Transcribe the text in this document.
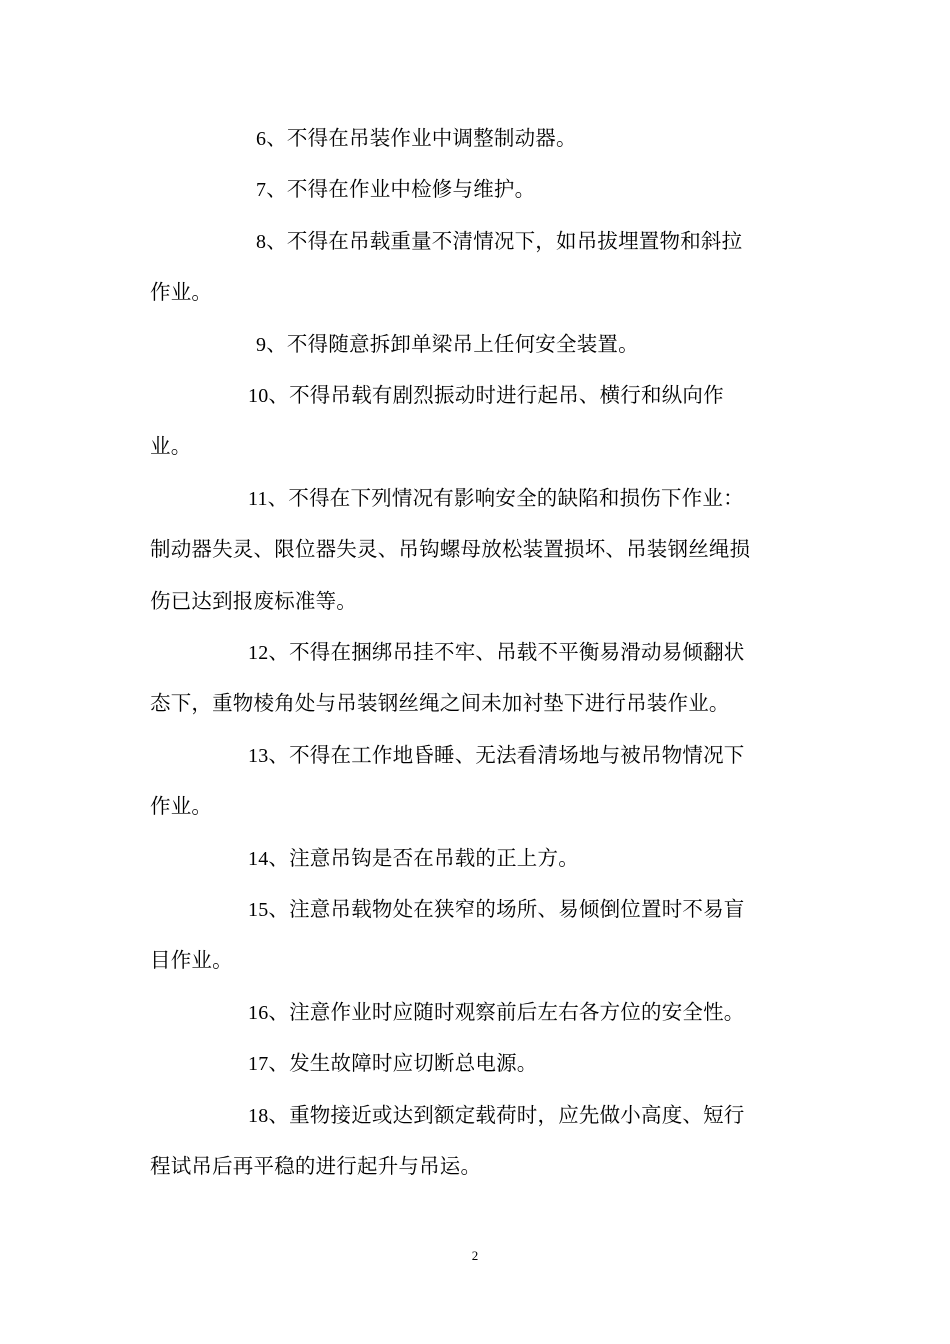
6、不得在吊装作业中调整制动器。
7、不得在作业中检修与维护。
8、不得在吊载重量不清情况下，如吊拔埋置物和斜拉
作业。
9、不得随意拆卸单梁吊上任何安全装置。
10、不得吊载有剧烈振动时进行起吊、横行和纵向作
业。
11、不得在下列情况有影响安全的缺陷和损伤下作业：
制动器失灵、限位器失灵、吊钩螺母放松装置损坏、吊装钢丝绳损
伤已达到报废标准等。
12、不得在捆绑吊挂不牢、吊载不平衡易滑动易倾翻状
态下，重物棱角处与吊装钢丝绳之间未加衬垫下进行吊装作业。
13、不得在工作地昏睡、无法看清场地与被吊物情况下
作业。
14、注意吊钩是否在吊载的正上方。
15、注意吊载物处在狭窄的场所、易倾倒位置时不易盲
目作业。
16、注意作业时应随时观察前后左右各方位的安全性。
17、发生故障时应切断总电源。
18、重物接近或达到额定载荷时，应先做小高度、短行
程试吊后再平稳的进行起升与吊运。
2
